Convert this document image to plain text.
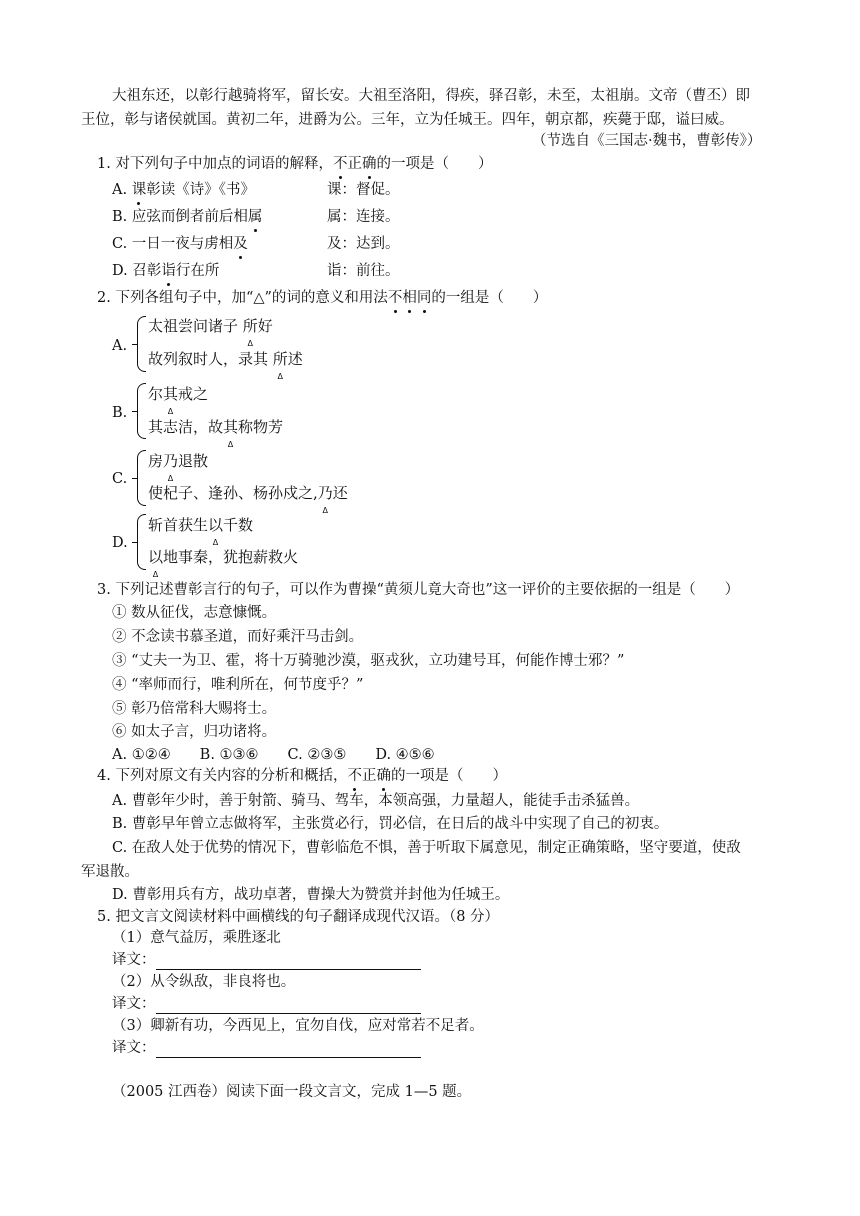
大祖东还，以彰行越骑将军，留长安。大祖至洛阳，得疾，驿召彰，未至，太祖崩。文帝（曹丕）即
王位，彰与诸侯就国。黄初二年，进爵为公。三年，立为任城王。四年，朝京都，疾薨于邸，谥曰威。
（节选自《三国志·魏书，曹彰传》）
1. 对下列句子中加点的词语的解释，不正确的一项是（　　）
A. 课彰读《诗》《书》	课：督促。
B. 应弦而倒者前后相属	属：连接。
C. 一日一夜与虏相及	及：达到。
D. 召彰诣行在所	诣：前往。
2. 下列各组句子中，加“△”的词的意义和用法不相同的一组是（　　）
A.
太祖尝问诸子 所 Δ好
故列叙时人，录其 所 Δ述
B.
尔其 Δ戒之
其志洁，故其 Δ称物芳
C.
房乃 Δ退散
使杞子、逢孙、杨孙戍之,乃 Δ还
D.
斩首获生以 Δ千数
以 Δ地事秦，犹抱薪救火
3. 下列记述曹彰言行的句子，可以作为曹操“黄须儿竟大奇也”这一评价的主要依据的一组是（　　）
① 数从征伐，志意慷慨。
② 不念读书慕圣道，而好乘汗马击剑。
③ “丈夫一为卫、霍，将十万骑驰沙漠，驱戎狄，立功建号耳，何能作博士邪？”
④ “率师而行，唯利所在，何节度乎？”
⑤ 彰乃倍常科大赐将士。
⑥ 如太子言，归功诸将。
A. ①②④　　B. ①③⑥　　C. ②③⑤　　D. ④⑤⑥
4. 下列对原文有关内容的分析和概括，不正确的一项是（　　）
A. 曹彰年少时，善于射箭、骑马、驾车，本领高强，力量超人，能徒手击杀猛兽。
B. 曹彰早年曾立志做将军，主张赏必行，罚必信，在日后的战斗中实现了自己的初衷。
C. 在敌人处于优势的情况下，曹彰临危不惧，善于听取下属意见，制定正确策略，坚守要道，使敌
军退散。
D. 曹彰用兵有方，战功卓著，曹操大为赞赏并封他为任城王。
5. 把文言文阅读材料中画横线的句子翻译成现代汉语。（8 分）
（1）意气益厉，乘胜逐北
译文：
（2）从令纵敌，非良将也。
译文：
（3）卿新有功，今西见上，宜勿自伐，应对常若不足者。
译文：
（2005 江西卷）阅读下面一段文言文，完成 1—5 题。
